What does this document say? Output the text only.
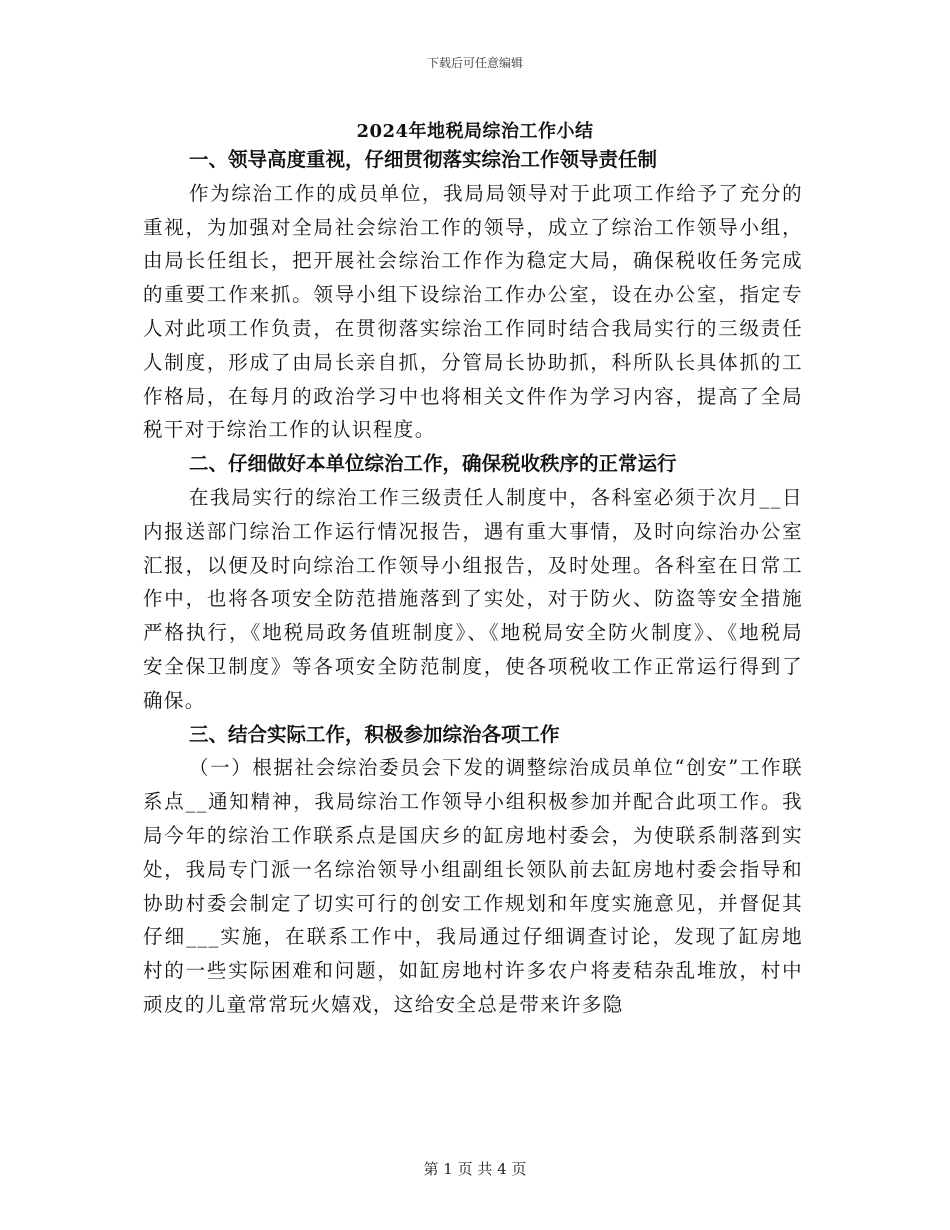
下载后可任意编辑
2024年地税局综治工作小结

一、领导高度重视，仔细贯彻落实综治工作领导责任制

作为综治工作的成员单位，我局局领导对于此项工作给予了充分的重视，为加强对全局社会综治工作的领导，成立了综治工作领导小组，由局长任组长，把开展社会综治工作作为稳定大局，确保税收任务完成的重要工作来抓。领导小组下设综治工作办公室，设在办公室，指定专人对此项工作负责，在贯彻落实综治工作同时结合我局实行的三级责任人制度，形成了由局长亲自抓，分管局长协助抓，科所队长具体抓的工作格局，在每月的政治学习中也将相关文件作为学习内容，提高了全局税干对于综治工作的认识程度。

二、仔细做好本单位综治工作，确保税收秩序的正常运行

在我局实行的综治工作三级责任人制度中，各科室必须于次月__日内报送部门综治工作运行情况报告，遇有重大事情，及时向综治办公室汇报，以便及时向综治工作领导小组报告，及时处理。各科室在日常工作中，也将各项安全防范措施落到了实处，对于防火、防盗等安全措施严格执行，《地税局政务值班制度》、《地税局安全防火制度》、《地税局安全保卫制度》等各项安全防范制度，使各项税收工作正常运行得到了确保。

三、结合实际工作，积极参加综治各项工作

（一）根据社会综治委员会下发的调整综治成员单位“创安”工作联系点__通知精神，我局综治工作领导小组积极参加并配合此项工作。我局今年的综治工作联系点是国庆乡的缸房地村委会，为使联系制落到实处，我局专门派一名综治领导小组副组长领队前去缸房地村委会指导和协助村委会制定了切实可行的创安工作规划和年度实施意见，并督促其仔细___实施，在联系工作中，我局通过仔细调查讨论，发现了缸房地村的一些实际困难和问题，如缸房地村许多农户将麦秸杂乱堆放，村中顽皮的儿童常常玩火嬉戏，这给安全总是带来许多隐

第 1 页 共 4 页
